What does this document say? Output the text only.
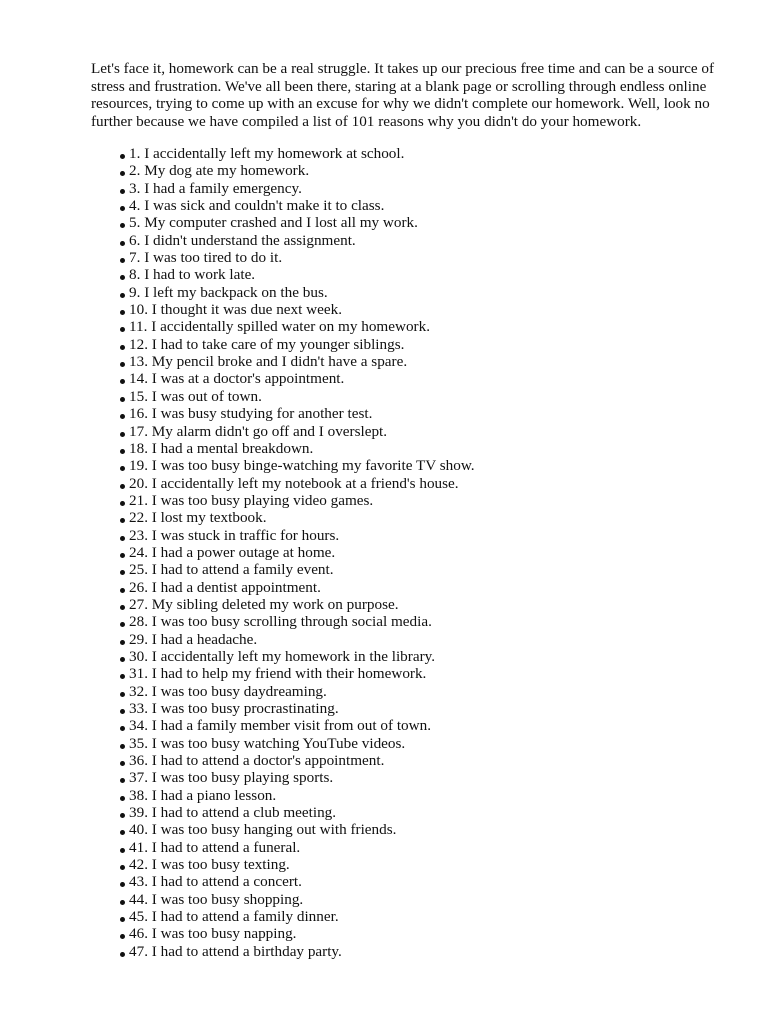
Let's face it, homework can be a real struggle. It takes up our precious free time and can be a source of stress and frustration. We've all been there, staring at a blank page or scrolling through endless online resources, trying to come up with an excuse for why we didn't complete our homework. Well, look no further because we have compiled a list of 101 reasons why you didn't do your homework.

1. I accidentally left my homework at school.
2. My dog ate my homework.
3. I had a family emergency.
4. I was sick and couldn't make it to class.
5. My computer crashed and I lost all my work.
6. I didn't understand the assignment.
7. I was too tired to do it.
8. I had to work late.
9. I left my backpack on the bus.
10. I thought it was due next week.
11. I accidentally spilled water on my homework.
12. I had to take care of my younger siblings.
13. My pencil broke and I didn't have a spare.
14. I was at a doctor's appointment.
15. I was out of town.
16. I was busy studying for another test.
17. My alarm didn't go off and I overslept.
18. I had a mental breakdown.
19. I was too busy binge-watching my favorite TV show.
20. I accidentally left my notebook at a friend's house.
21. I was too busy playing video games.
22. I lost my textbook.
23. I was stuck in traffic for hours.
24. I had a power outage at home.
25. I had to attend a family event.
26. I had a dentist appointment.
27. My sibling deleted my work on purpose.
28. I was too busy scrolling through social media.
29. I had a headache.
30. I accidentally left my homework in the library.
31. I had to help my friend with their homework.
32. I was too busy daydreaming.
33. I was too busy procrastinating.
34. I had a family member visit from out of town.
35. I was too busy watching YouTube videos.
36. I had to attend a doctor's appointment.
37. I was too busy playing sports.
38. I had a piano lesson.
39. I had to attend a club meeting.
40. I was too busy hanging out with friends.
41. I had to attend a funeral.
42. I was too busy texting.
43. I had to attend a concert.
44. I was too busy shopping.
45. I had to attend a family dinner.
46. I was too busy napping.
47. I had to attend a birthday party.
